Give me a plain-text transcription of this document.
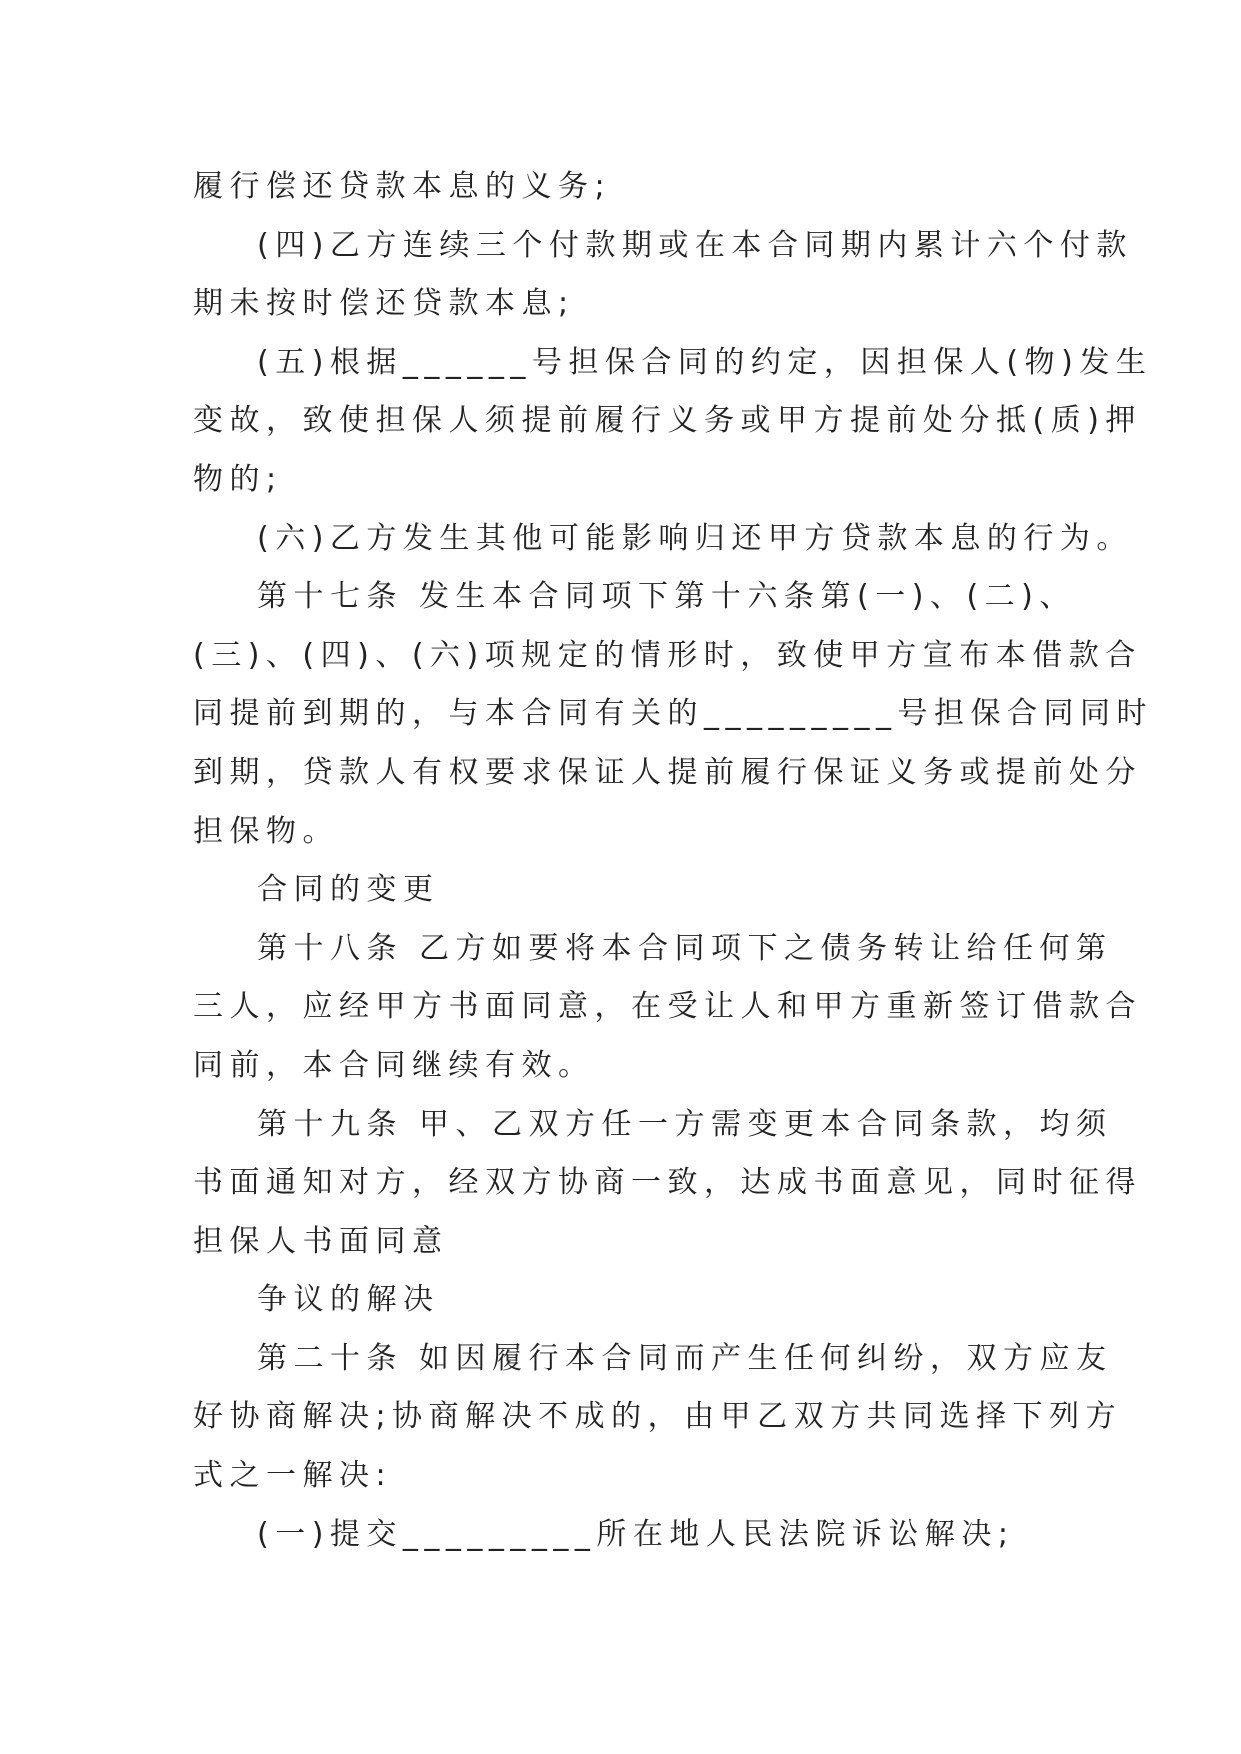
履行偿还贷款本息的义务;
(四)乙方连续三个付款期或在本合同期内累计六个付款
期未按时偿还贷款本息;
(五)根据______号担保合同的约定，因担保人(物)发生
变故，致使担保人须提前履行义务或甲方提前处分抵(质)押
物的;
(六)乙方发生其他可能影响归还甲方贷款本息的行为。
第十七条 发生本合同项下第十六条第(一)、(二)、
(三)、(四)、(六)项规定的情形时，致使甲方宣布本借款合
同提前到期的，与本合同有关的_________号担保合同同时
到期，贷款人有权要求保证人提前履行保证义务或提前处分
担保物。
合同的变更
第十八条 乙方如要将本合同项下之债务转让给任何第
三人，应经甲方书面同意，在受让人和甲方重新签订借款合
同前，本合同继续有效。
第十九条 甲、乙双方任一方需变更本合同条款，均须
书面通知对方，经双方协商一致，达成书面意见，同时征得
担保人书面同意
争议的解决
第二十条 如因履行本合同而产生任何纠纷，双方应友
好协商解决;协商解决不成的，由甲乙双方共同选择下列方
式之一解决:
(一)提交_________所在地人民法院诉讼解决;
